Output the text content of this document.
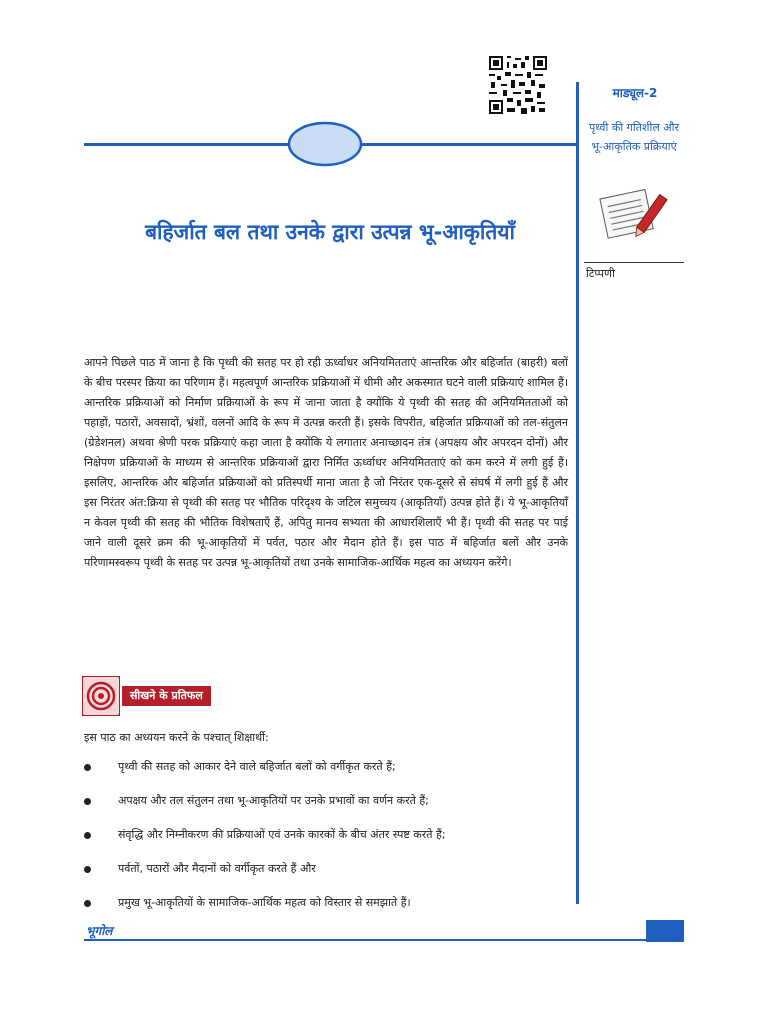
माड्यूल-2
पृथ्वी की गतिशील और भू-आकृतिक प्रक्रियाएं
टिप्पणी
बहिर्जात बल तथा उनके द्वारा उत्पन्न भू-आकृतियाँ

आपने पिछले पाठ में जाना है कि पृथ्वी की सतह पर हो रही ऊर्ध्वाधर अनियमितताएं आन्तरिक और बहिर्जात (बाहरी) बलों के बीच परस्पर क्रिया का परिणाम हैं। महत्वपूर्ण आन्तरिक प्रक्रियाओं में धीमी और अकस्मात घटने वाली प्रक्रियाएं शामिल हैं। आन्तरिक प्रक्रियाओं को निर्माण प्रक्रियाओं के रूप में जाना जाता है क्योंकि ये पृथ्वी की सतह की अनियमितताओं को पहाड़ों, पठारों, अवसादों, भ्रंशों, वलनों आदि के रूप में उत्पन्न करती हैं। इसके विपरीत, बहिर्जात प्रक्रियाओं को तल-संतुलन (ग्रेडेशनल) अथवा श्रेणी परक प्रक्रियाएं कहा जाता है क्योंकि ये लगातार अनाच्छादन तंत्र (अपक्षय और अपरदन दोनों) और निक्षेपण प्रक्रियाओं के माध्यम से आन्तरिक प्रक्रियाओं द्वारा निर्मित ऊर्ध्वाधर अनियमितताएं को कम करने में लगी हुई हैं। इसलिए, आन्तरिक और बहिर्जात प्रक्रियाओं को प्रतिस्पर्धी माना जाता है जो निरंतर एक-दूसरे से संघर्ष में लगी हुई हैं और इस निरंतर अंत:क्रिया से पृथ्वी की सतह पर भौतिक परिदृश्य के जटिल समुच्चय (आकृतियाँ) उत्पन्न होते हैं। ये भू-आकृतियाँ न केवल पृथ्वी की सतह की भौतिक विशेषताएँ हैं, अपितु मानव सभ्यता की आधारशिलाएँ भी हैं। पृथ्वी की सतह पर पाई जाने वाली दूसरे क्रम की भू-आकृतियों में पर्वत, पठार और मैदान होते हैं। इस पाठ में बहिर्जात बलों और उनके परिणामस्वरूप पृथ्वी के सतह पर उत्पन्न भू-आकृतियों तथा उनके सामाजिक-आर्थिक महत्व का अध्ययन करेंगे।

सीखने के प्रतिफल
इस पाठ का अध्ययन करने के पश्चात् शिक्षार्थी:
पृथ्वी की सतह को आकार देने वाले बहिर्जात बलों को वर्गीकृत करते हैं;
अपक्षय और तल संतुलन तथा भू-आकृतियों पर उनके प्रभावों का वर्णन करते हैं;
संवृद्धि और निम्नीकरण की प्रक्रियाओं एवं उनके कारकों के बीच अंतर स्पष्ट करते हैं;
पर्वतों, पठारों और मैदानों को वर्गीकृत करते हैं और
प्रमुख भू-आकृतियों के सामाजिक-आर्थिक महत्व को विस्तार से समझाते हैं।
भूगोल
